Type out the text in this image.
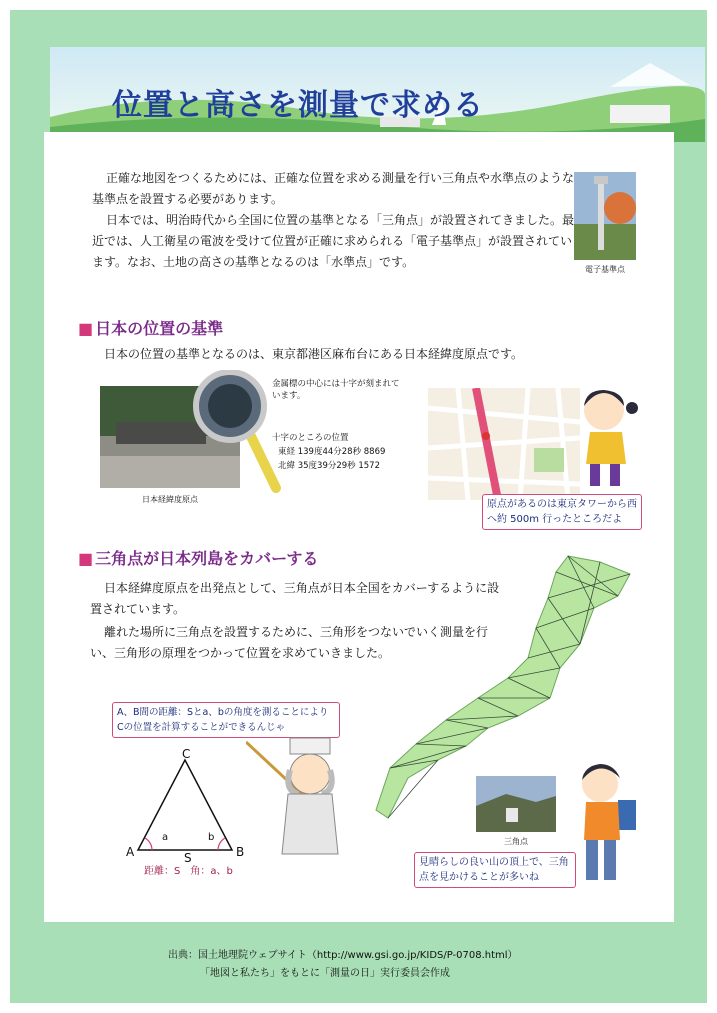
位置と高さを測量で求める
正確な地図をつくるためには、正確な位置を求める測量を行い三角点や水準点のような基準点を設置する必要があります。
日本では、明治時代から全国に位置の基準となる「三角点」が設置されてきました。最近では、人工衛星の電波を受けて位置が正確に求められる「電子基準点」が設置されています。なお、土地の高さの基準となるのは「水準点」です。
電子基準点
■ 日本の位置の基準
日本の位置の基準となるのは、東京都港区麻布台にある日本経緯度原点です。
日本経緯度原点
金属標の中心には十字が刻まれています。
十字のところの位置
東経 139度44分28秒 8869
北緯 35度39分29秒 1572
原点があるのは東京タワーから西へ約 500m 行ったところだよ
■ 三角点が日本列島をカバーする
日本経緯度原点を出発点として、三角点が日本全国をカバーするように設置されています。
離れた場所に三角点を設置するために、三角形をつないでいく測量を行い、三角形の原理をつかって位置を求めていきました。
A、B間の距離：Sとa、bの角度を測ることによりCの位置を計算することができるんじゃ
C
A	B
a	b
S
距離：S　角：a、b
三角点
見晴らしの良い山の頂上で、三角点を見かけることが多いね
出典：国土地理院ウェブサイト（http://www.gsi.go.jp/KIDS/P-0708.html）
「地図と私たち」をもとに「測量の日」実行委員会作成
